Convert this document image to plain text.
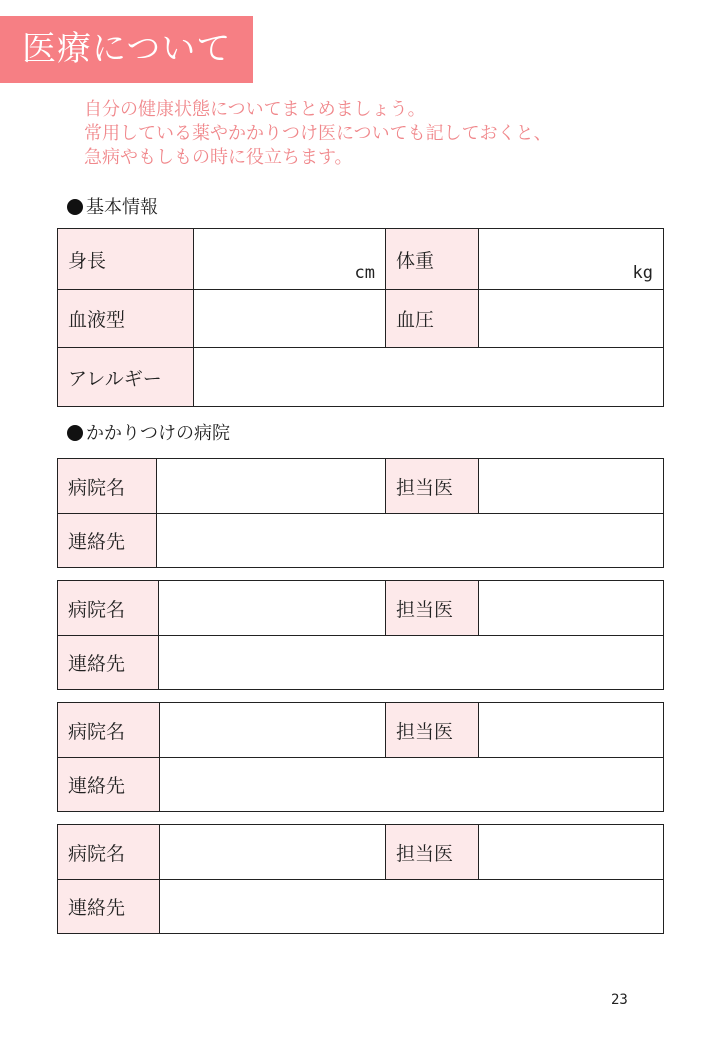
医療について
自分の健康状態についてまとめましょう。
常用している薬やかかりつけ医についても記しておくと、
急病やもしもの時に役立ちます。
基本情報
身長	cm	体重	kg

血液型		血圧	
アレルギー			
かかりつけの病院
病院名		担当医	
連絡先			
病院名		担当医	
連絡先			
病院名		担当医	
連絡先			
病院名		担当医	
連絡先			
23
